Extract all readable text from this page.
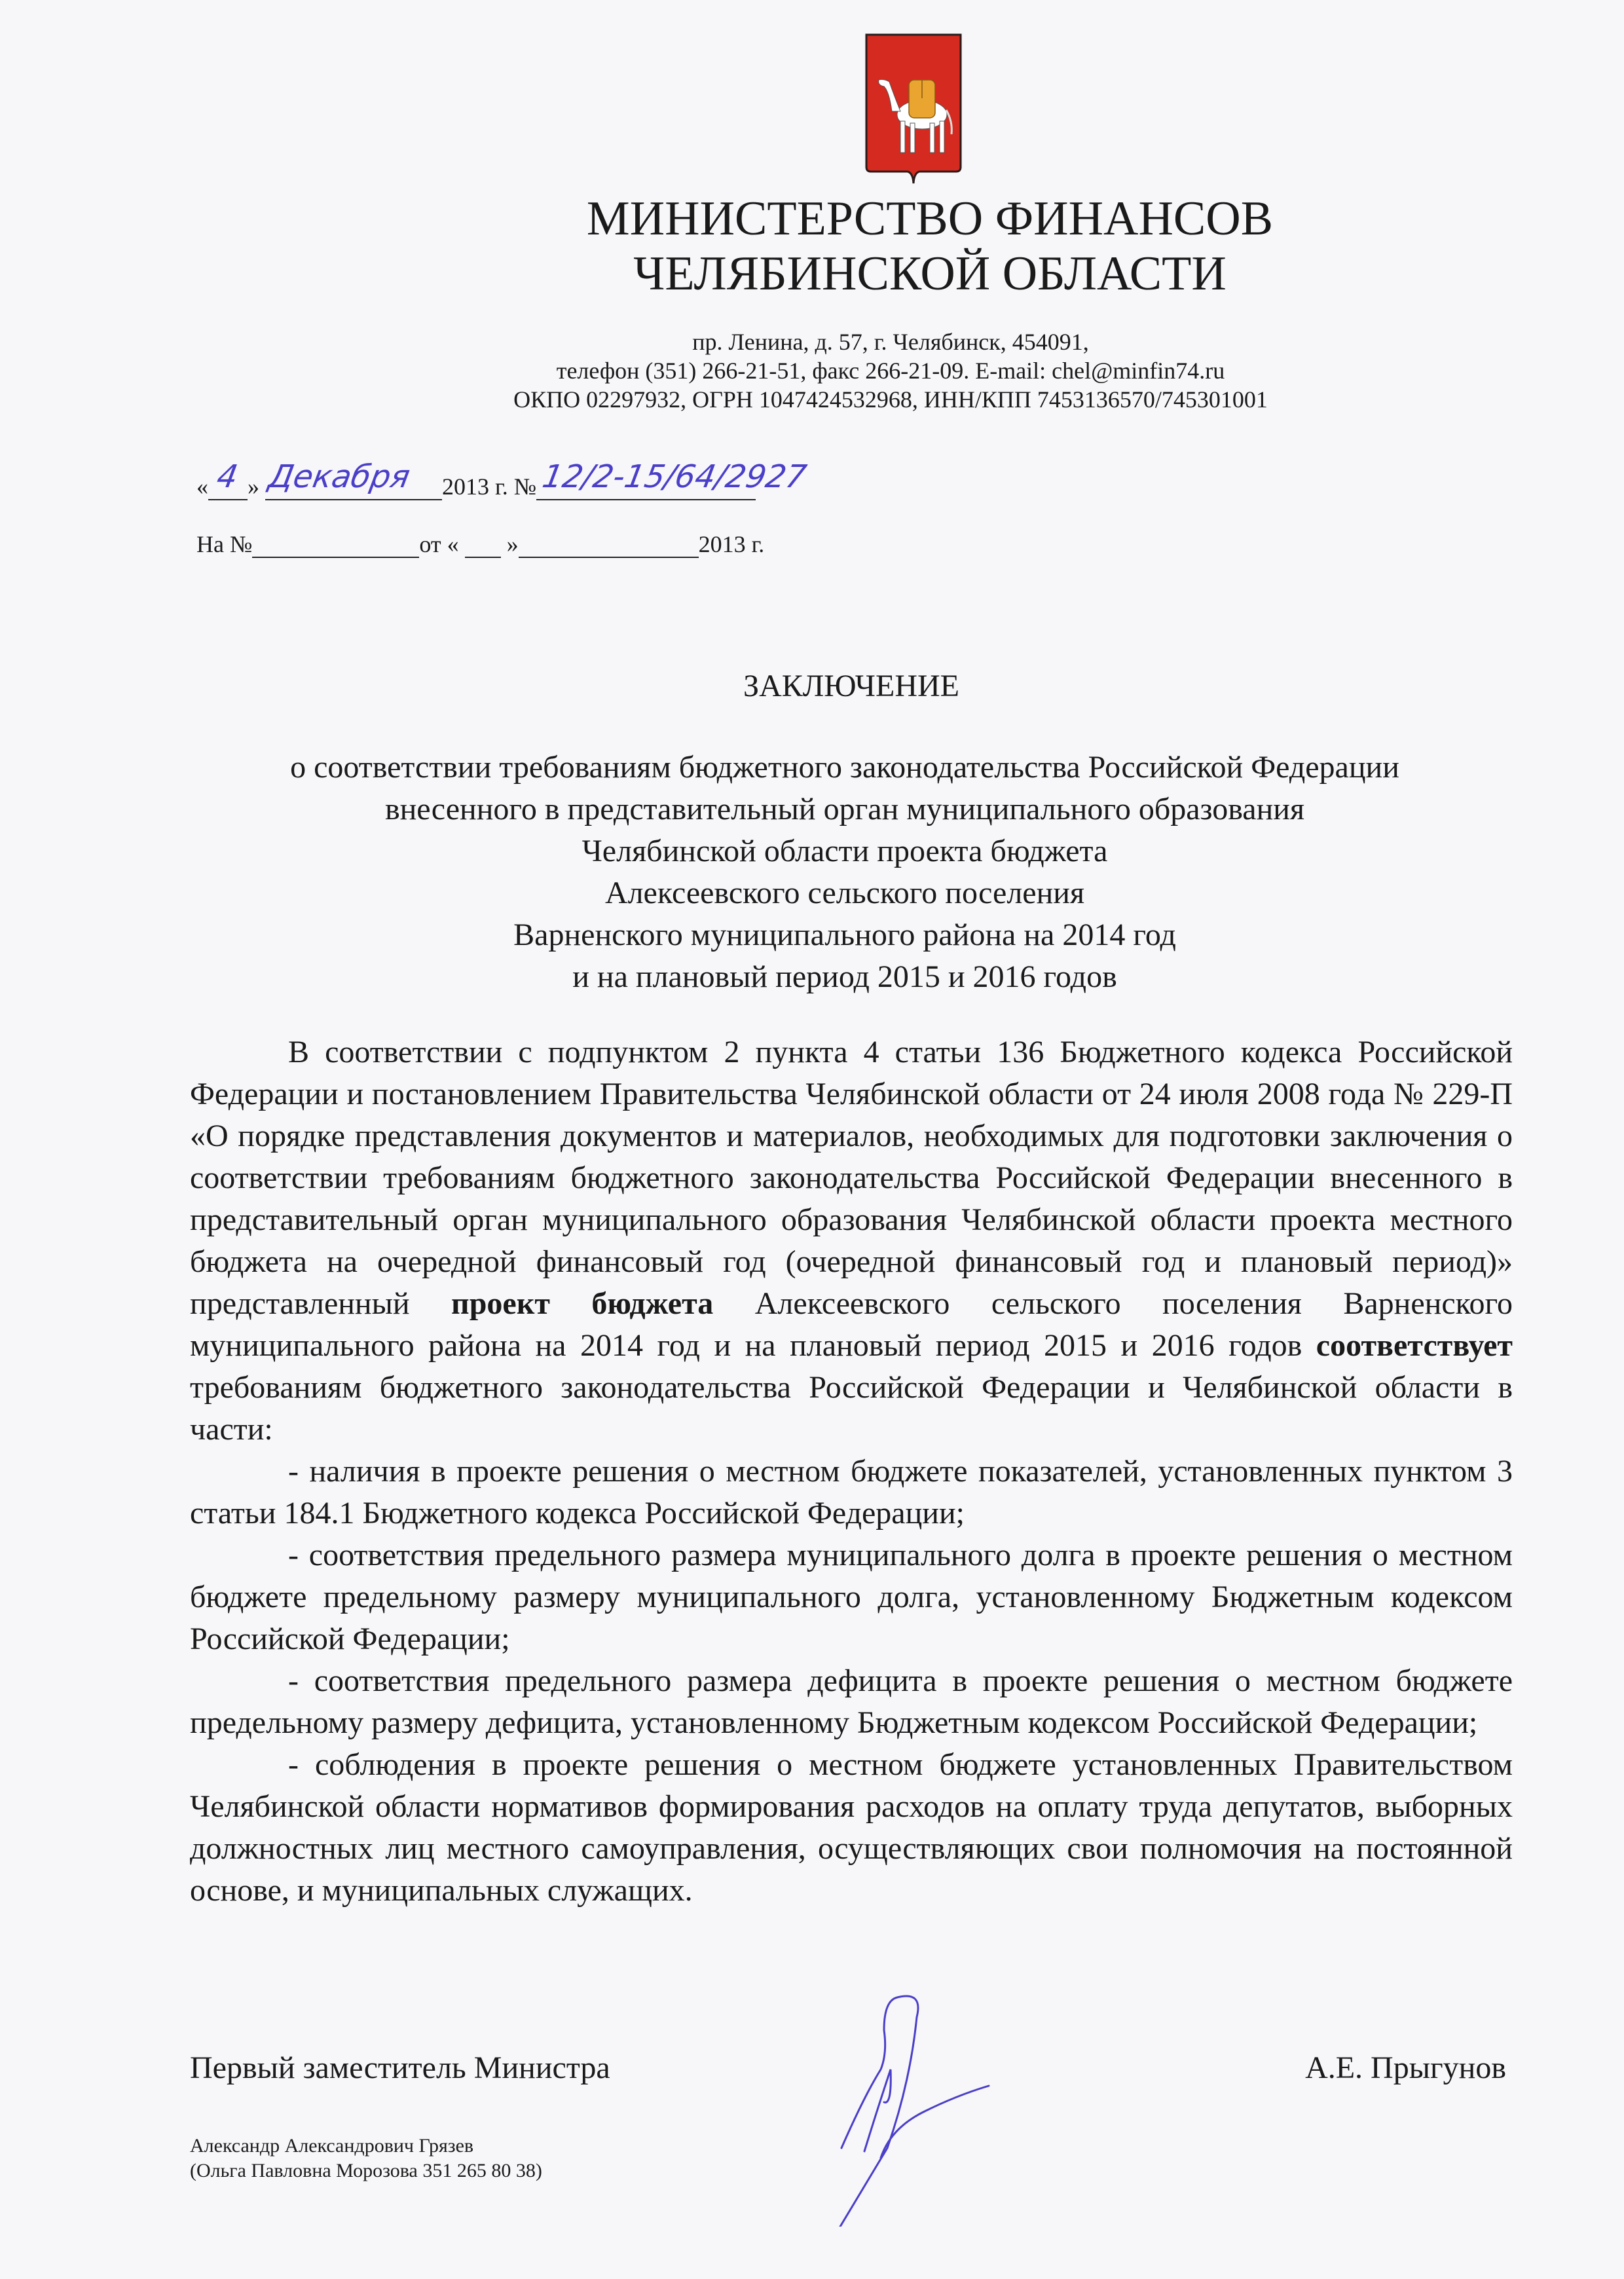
МИНИСТЕРСТВО ФИНАНСОВ
ЧЕЛЯБИНСКОЙ ОБЛАСТИ
пр. Ленина, д. 57, г. Челябинск, 454091,
телефон (351) 266-21-51, факс 266-21-09. E-mail: chel@minfin74.ru
ОКПО 02297932, ОГРН 1047424532968, ИНН/КПП 7453136570/745301001
« 4 » Декабря 2013 г. № 12/2-15/64/2927
На №	от « »	2013 г.
ЗАКЛЮЧЕНИЕ
о соответствии требованиям бюджетного законодательства Российской Федерации
внесенного в представительный орган муниципального образования
Челябинской области проекта бюджета
Алексеевского сельского поселения
Варненского муниципального района на 2014 год
и на плановый период 2015 и 2016 годов

В соответствии с подпунктом 2 пункта 4 статьи 136 Бюджетного кодекса Российской Федерации и постановлением Правительства Челябинской области от 24 июля 2008 года № 229-П «О порядке представления документов и материалов, необходимых для подготовки заключения о соответствии требованиям бюджетного законодательства Российской Федерации внесенного в представительный орган муниципального образования Челябинской области проекта местного бюджета на очередной финансовый год (очередной финансовый год и плановый период)» представленный проект бюджета Алексеевского сельского поселения Варненского муниципального района на 2014 год и на плановый период 2015 и 2016 годов соответствует требованиям бюджетного законодательства Российской Федерации и Челябинской области в части:

- наличия в проекте решения о местном бюджете показателей, установленных пунктом 3 статьи 184.1 Бюджетного кодекса Российской Федерации;

- соответствия предельного размера муниципального долга в проекте решения о местном бюджете предельному размеру муниципального долга, установленному Бюджетным кодексом Российской Федерации;

- соответствия предельного размера дефицита в проекте решения о местном бюджете предельному размеру дефицита, установленному Бюджетным кодексом Российской Федерации;

- соблюдения в проекте решения о местном бюджете установленных Правительством Челябинской области нормативов формирования расходов на оплату труда депутатов, выборных должностных лиц местного самоуправления, осуществляющих свои полномочия на постоянной основе, и муниципальных служащих.

Первый заместитель Министра	А.Е. Прыгунов
Александр Александрович Грязев
(Ольга Павловна Морозова 351 265 80 38)
